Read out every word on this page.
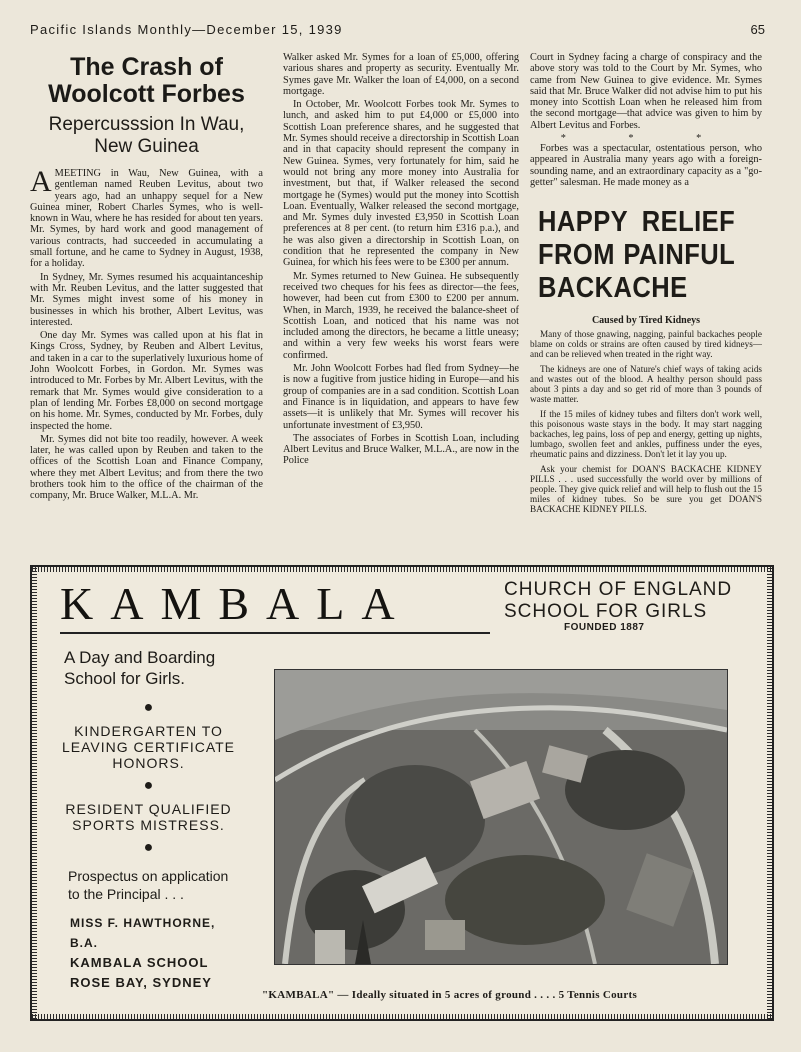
Pacific Islands Monthly—December 15, 1939	65
The Crash of Woolcott Forbes
Repercusssion In Wau, New Guinea

AMEETING in Wau, New Guinea, with a gentleman named Reuben Levitus, about two years ago, had an unhappy sequel for a New Guinea miner, Robert Charles Symes, who is well-known in Wau, where he has resided for about ten years. Mr. Symes, by hard work and good management of various contracts, had succeeded in accumulating a small fortune, and he came to Sydney in August, 1938, for a holiday.

In Sydney, Mr. Symes resumed his acquaintanceship with Mr. Reuben Levitus, and the latter suggested that Mr. Symes might invest some of his money in businesses in which his brother, Albert Levitus, was interested.

One day Mr. Symes was called upon at his flat in Kings Cross, Sydney, by Reuben and Albert Levitus, and taken in a car to the superlatively luxurious home of John Woolcott Forbes, in Gordon. Mr. Symes was introduced to Mr. Forbes by Mr. Albert Levitus, with the remark that Mr. Symes would give consideration to a plan of lending Mr. Forbes £8,000 on second mortgage on his home. Mr. Symes, conducted by Mr. Forbes, duly inspected the home.

Mr. Symes did not bite too readily, however. A week later, he was called upon by Reuben and taken to the offices of the Scottish Loan and Finance Company, where they met Albert Levitus; and from there the two brothers took him to the office of the chairman of the company, Mr. Bruce Walker, M.L.A. Mr.

Walker asked Mr. Symes for a loan of £5,000, offering various shares and property as security. Eventually Mr. Symes gave Mr. Walker the loan of £4,000, on a second mortgage.

In October, Mr. Woolcott Forbes took Mr. Symes to lunch, and asked him to put £4,000 or £5,000 into Scottish Loan preference shares, and he suggested that Mr. Symes should receive a directorship in Scottish Loan and in that capacity should represent the company in New Guinea. Symes, very fortunately for him, said he would not bring any more money into Australia for investment, but that, if Walker released the second mortgage he (Symes) would put the money into Scottish Loan. Eventually, Walker released the second mortgage, and Mr. Symes duly invested £3,950 in Scottish Loan preferences at 8 per cent. (to return him £316 p.a.), and he was also given a directorship in Scottish Loan, on condition that he represented the company in New Guinea, for which his fees were to be £300 per annum.

Mr. Symes returned to New Guinea. He subsequently received two cheques for his fees as director—the fees, however, had been cut from £300 to £200 per annum. When, in March, 1939, he received the balance-sheet of Scottish Loan, and noticed that his name was not included among the directors, he became a little uneasy; and within a very few weeks his worst fears were confirmed.

Mr. John Woolcott Forbes had fled from Sydney—he is now a fugitive from justice hiding in Europe—and his group of companies are in a sad condition. Scottish Loan and Finance is in liquidation, and appears to have few assets—it is unlikely that Mr. Symes will recover his unfortunate investment of £3,950.

The associates of Forbes in Scottish Loan, including Albert Levitus and Bruce Walker, M.L.A., are now in the Police

Court in Sydney facing a charge of conspiracy and the above story was told to the Court by Mr. Symes, who came from New Guinea to give evidence. Mr. Symes said that Mr. Bruce Walker did not advise him to put his money into Scottish Loan when he released him from the second mortgage—that advice was given to him by Albert Levitus and Forbes.

* * *

Forbes was a spectacular, ostentatious person, who appeared in Australia many years ago with a foreign-sounding name, and an extraordinary capacity as a "go-getter" salesman. He made money as a

HAPPY RELIEF FROM PAINFUL BACKACHE

Caused by Tired Kidneys

Many of those gnawing, nagging, painful backaches people blame on colds or strains are often caused by tired kidneys—and can be relieved when treated in the right way.

The kidneys are one of Nature's chief ways of taking acids and wastes out of the blood. A healthy person should pass about 3 pints a day and so get rid of more than 3 pounds of waste matter.

If the 15 miles of kidney tubes and filters don't work well, this poisonous waste stays in the body. It may start nagging backaches, leg pains, loss of pep and energy, getting up nights, lumbago, swollen feet and ankles, puffiness under the eyes, rheumatic pains and dizziness. Don't let it lay you up.

Ask your chemist for DOAN'S BACKACHE KIDNEY PILLS . . . used successfully the world over by millions of people. They give quick relief and will help to flush out the 15 miles of kidney tubes. So be sure you get DOAN'S BACKACHE KIDNEY PILLS.

KAMBALA	CHURCH OF ENGLAND
SCHOOL FOR GIRLS
FOUNDED 1887
A Day and Boarding School for Girls.
●

KINDERGARTEN TO LEAVING CERTIFICATE HONORS.

●

RESIDENT QUALIFIED SPORTS MISTRESS.

●
Prospectus on application to the Principal . . .
MISS F. HAWTHORNE, B.A.
KAMBALA SCHOOL
ROSE BAY, SYDNEY
"KAMBALA" — Ideally situated in 5 acres of ground . . . . 5 Tennis Courts
